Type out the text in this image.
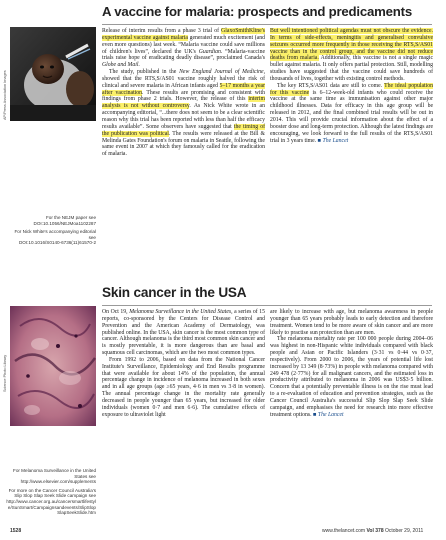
A vaccine for malaria: prospects and predicaments
AP/Press Association Images
For the NEJM paper see
DOI:10.1056/NEJMoa1102287
For Nick White's accompanying editorial see
DOI:10.1016/S0140-6736(11)61570-2

Release of interim results from a phase 3 trial of GlaxoSmithKline's experimental vaccine against malaria generated much excitement (and even more questions) last week. “Malaria vaccine could save millions of children's lives”, declared the UK's Guardian. “Malaria-vaccine trials raise hope of eradicating deadly disease”, proclaimed Canada's Globe and Mail.

The study, published in the New England Journal of Medicine, showed that the RTS,S/AS01 vaccine roughly halved the risk of clinical and severe malaria in African infants aged 5–17 months a year after vaccination. These results are promising and consistent with findings from phase 2 trials. However, the release of this interim analysis is not without controversy. As Nick White wrote in an accompanying editorial, “...there does not seem to be a clear scientific reason why this trial has been reported with less than half the efficacy results available”. Some observers have suggested that the timing of the publication was political. The results were released at the Bill & Melinda Gates Foundation's forum on malaria in Seattle, following the same event in 2007 at which they famously called for the eradication of malaria.

But well intentioned political agendas must not obscure the evidence. In terms of side-effects, meningitis and generalised convulsive seizures occurred more frequently in those receiving the RTS,S/AS01 vaccine than in the control group, and the vaccine did not reduce deaths from malaria. Additionally, this vaccine is not a single magic bullet against malaria. It only offers partial protection. Still, modelling studies have suggested that the vaccine could save hundreds of thousands of lives, together with existing control methods.

The key RTS,S/AS01 data are still to come. The ideal population for this vaccine is 6–12-week-old infants who could receive the vaccine at the same time as immunisation against other major childhood illnesses. Data for efficacy in this age group will be released in 2012, and the final combined trial results will be out in 2014. This will provide crucial information about the effect of a booster dose and long-term protection. Although the latest findings are encouraging, we look forward to the full results of the RTS,S/AS01 trial in 3 years time. ■ The Lancet

Skin cancer in the USA
Science Photo Library
For Melanoma Surveillance in the United States see
http://www.elsevier.com/supplements
For more on the Cancer Council Australia's Slip Slop Slap Seek Slide campaign see
http://www.cancer.org.au/cancersmartlifestyle/SunSmart/Campaignsandevents/SlipSlopSlapSeekSlide.htm

On Oct 19, Melanoma Surveillance in the United States, a series of 15 reports, co-sponsored by the Centers for Disease Control and Prevention and the American Academy of Dermatology, was published online. In the USA, skin cancer is the most common type of cancer. Although melanoma is the third most common skin cancer and is mostly preventable, it is more dangerous than are basal and squamous cell carcinomas, which are the two most common types.

From 1992 to 2006, based on data from the National Cancer Institute's Surveillance, Epidemiology and End Results programme that were available for about 14% of the population, the annual percentage change in incidence of melanoma increased in both sexes and in all age groups (age ≥65 years, 4·6 in men vs 3·8 in women). The annual percentage change in the mortality rate generally decreased in people younger than 65 years, but increased for older individuals (women 0·7 and men 6·6). The cumulative effects of exposure to ultraviolet light

are likely to increase with age, but melanoma awareness in people younger than 65 years probably leads to early detection and therefore treatment. Women tend to be more aware of skin cancer and are more likely to practise sun protection than are men.

The melanoma mortality rate per 100 000 people during 2004–06 was highest in non-Hispanic white individuals compared with black people and Asian or Pacific Islanders (3·31 vs 0·44 vs 0·37, respectively). From 2000 to 2006, the years of potential life lost increased by 13 349 (8·73%) in people with melanoma compared with 249 478 (2·77%) for all malignant cancers, and the estimated loss in productivity attributed to melanoma in 2006 was US$3·5 billion. Concern that a potentially preventable illness is on the rise must lead to a re-evaluation of education and prevention strategies, such as the Cancer Council Australia's successful Slip Slop Slap Seek Slide campaign, and emphasises the need for research into more effective treatment options. ■ The Lancet

1528	www.thelancet.com Vol 378 October 29, 2011
